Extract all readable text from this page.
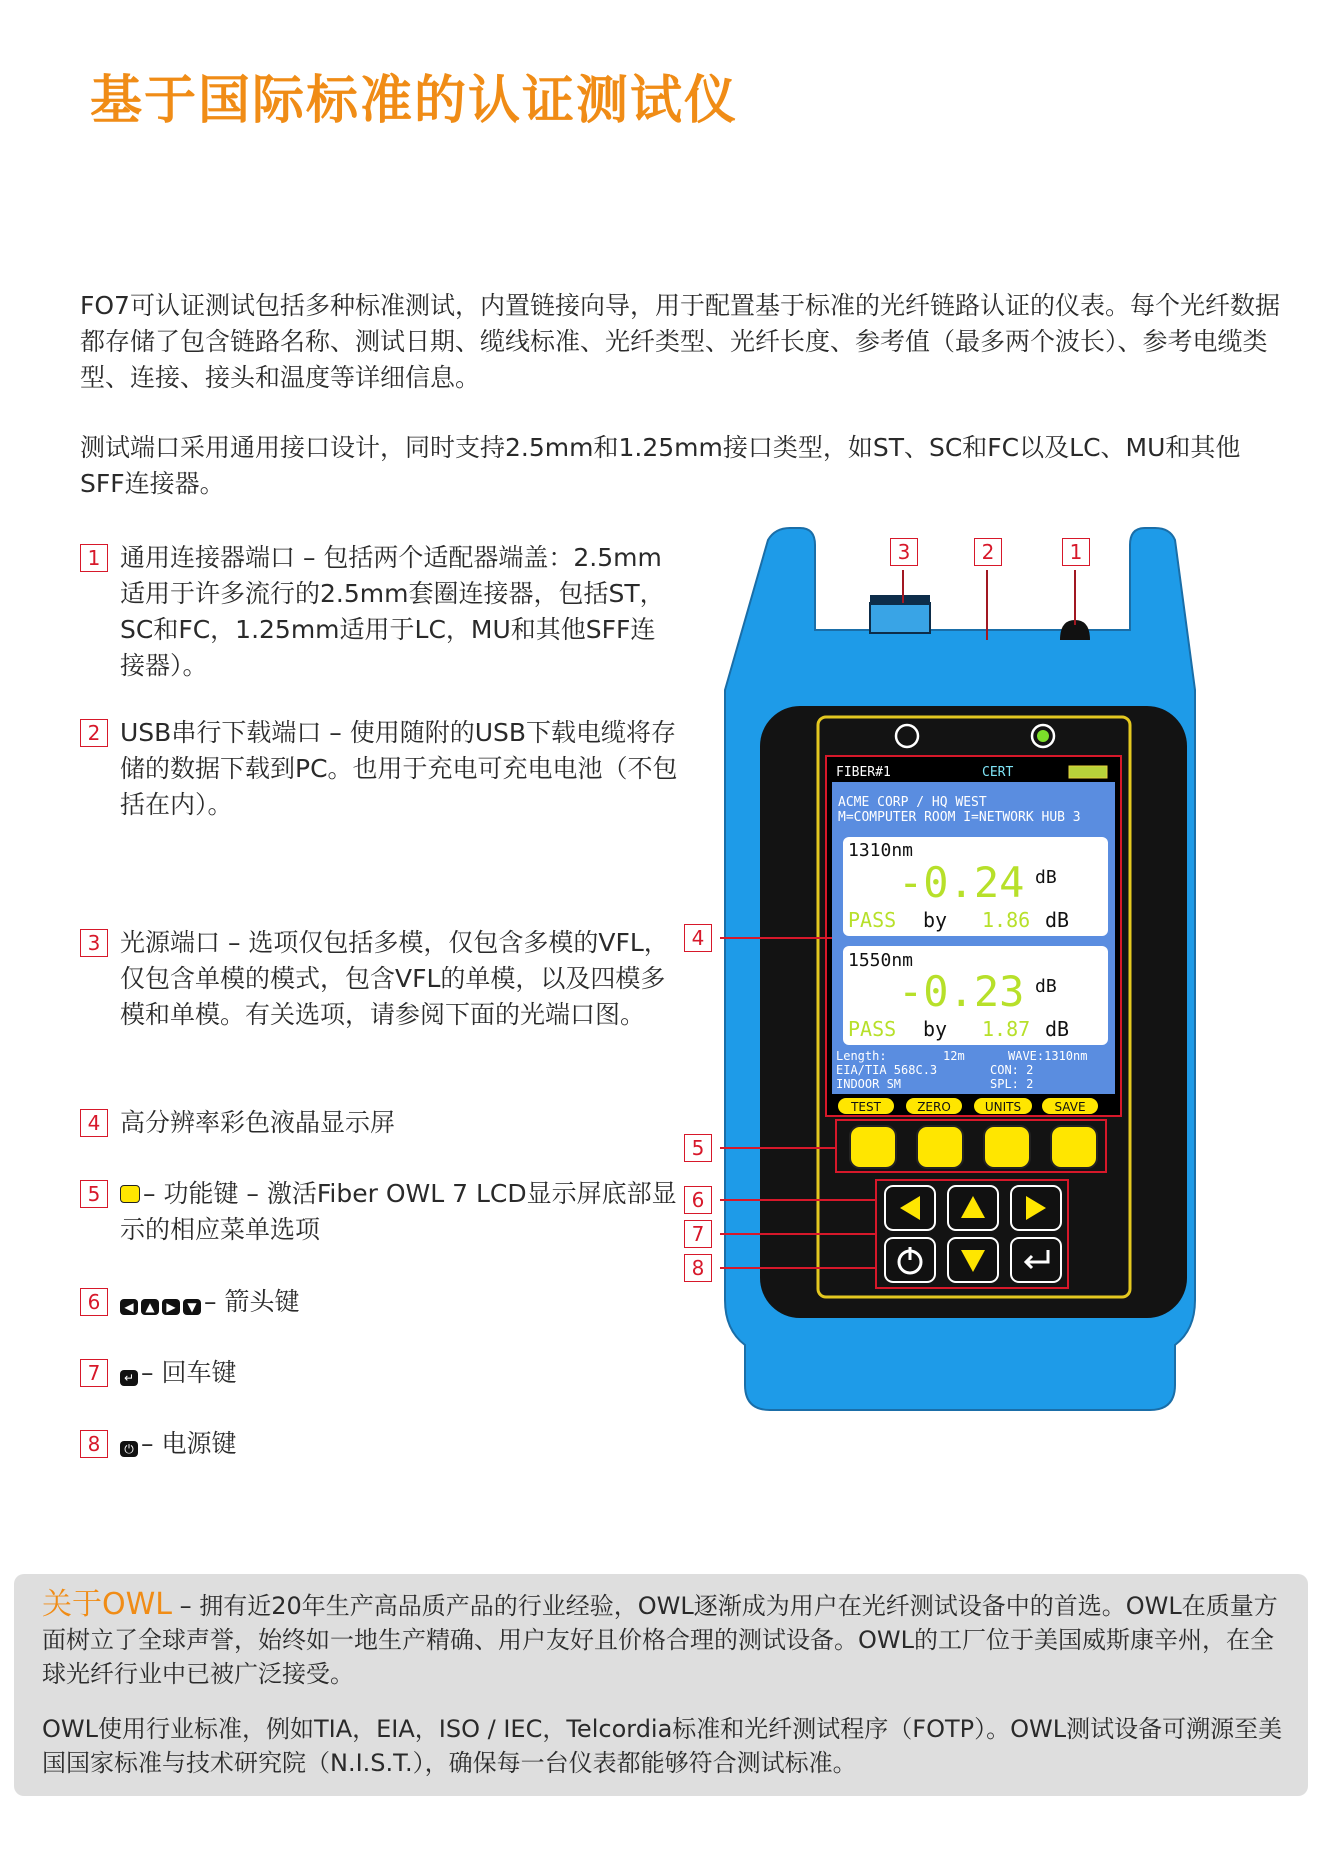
基于国际标准的认证测试仪
FO7可认证测试包括多种标准测试，内置链接向导，用于配置基于标准的光纤链路认证的仪表。每个光纤数据都存储了包含链路名称、测试日期、缆线标准、光纤类型、光纤长度、参考值（最多两个波长）、参考电缆类型、连接、接头和温度等详细信息。
测试端口采用通用接口设计，同时支持2.5mm和1.25mm接口类型，如ST、SC和FC以及LC、MU和其他SFF连接器。
1 通用连接器端口 – 包括两个适配器端盖：2.5mm适用于许多流行的2.5mm套圈连接器，包括ST，SC和FC，1.25mm适用于LC，MU和其他SFF连接器）。
2 USB串行下载端口 – 使用随附的USB下载电缆将存储的数据下载到PC。也用于充电可充电电池（不包括在内）。
3 光源端口 – 选项仅包括多模，仅包含多模的VFL，仅包含单模的模式，包含VFL的单模，以及四模多模和单模。有关选项，请参阅下面的光端口图。
4 高分辨率彩色液晶显示屏
5	– 功能键 – 激活Fiber OWL 7 LCD显示屏底部显示的相应菜单选项
6	◀ ▲ ▶ ▼ – 箭头键
7	↵ – 回车键
8	⏻ – 电源键
FIBER#1	CERT
ACME CORP / HQ WEST
M=COMPUTER ROOM I=NETWORK HUB 3
1310nm
-0.24 dB
PASS by 1.86 dB
1550nm
-0.23 dB
PASS by 1.87 dB
Length:	12m	WAVE:1310nm
EIA/TIA 568C.3	CON: 2
INDOOR SM	SPL: 2
TEST	ZERO	UNITS	SAVE
3	2	1
4
5
6
7
8
关于OWL – 拥有近20年生产高品质产品的行业经验，OWL逐渐成为用户在光纤测试设备中的首选。OWL在质量方面树立了全球声誉，始终如一地生产精确、用户友好且价格合理的测试设备。OWL的工厂位于美国威斯康辛州，在全球光纤行业中已被广泛接受。
OWL使用行业标准，例如TIA，EIA，ISO / IEC，Telcordia标准和光纤测试程序（FOTP）。OWL测试设备可溯源至美国国家标准与技术研究院（N.I.S.T.），确保每一台仪表都能够符合测试标准。
